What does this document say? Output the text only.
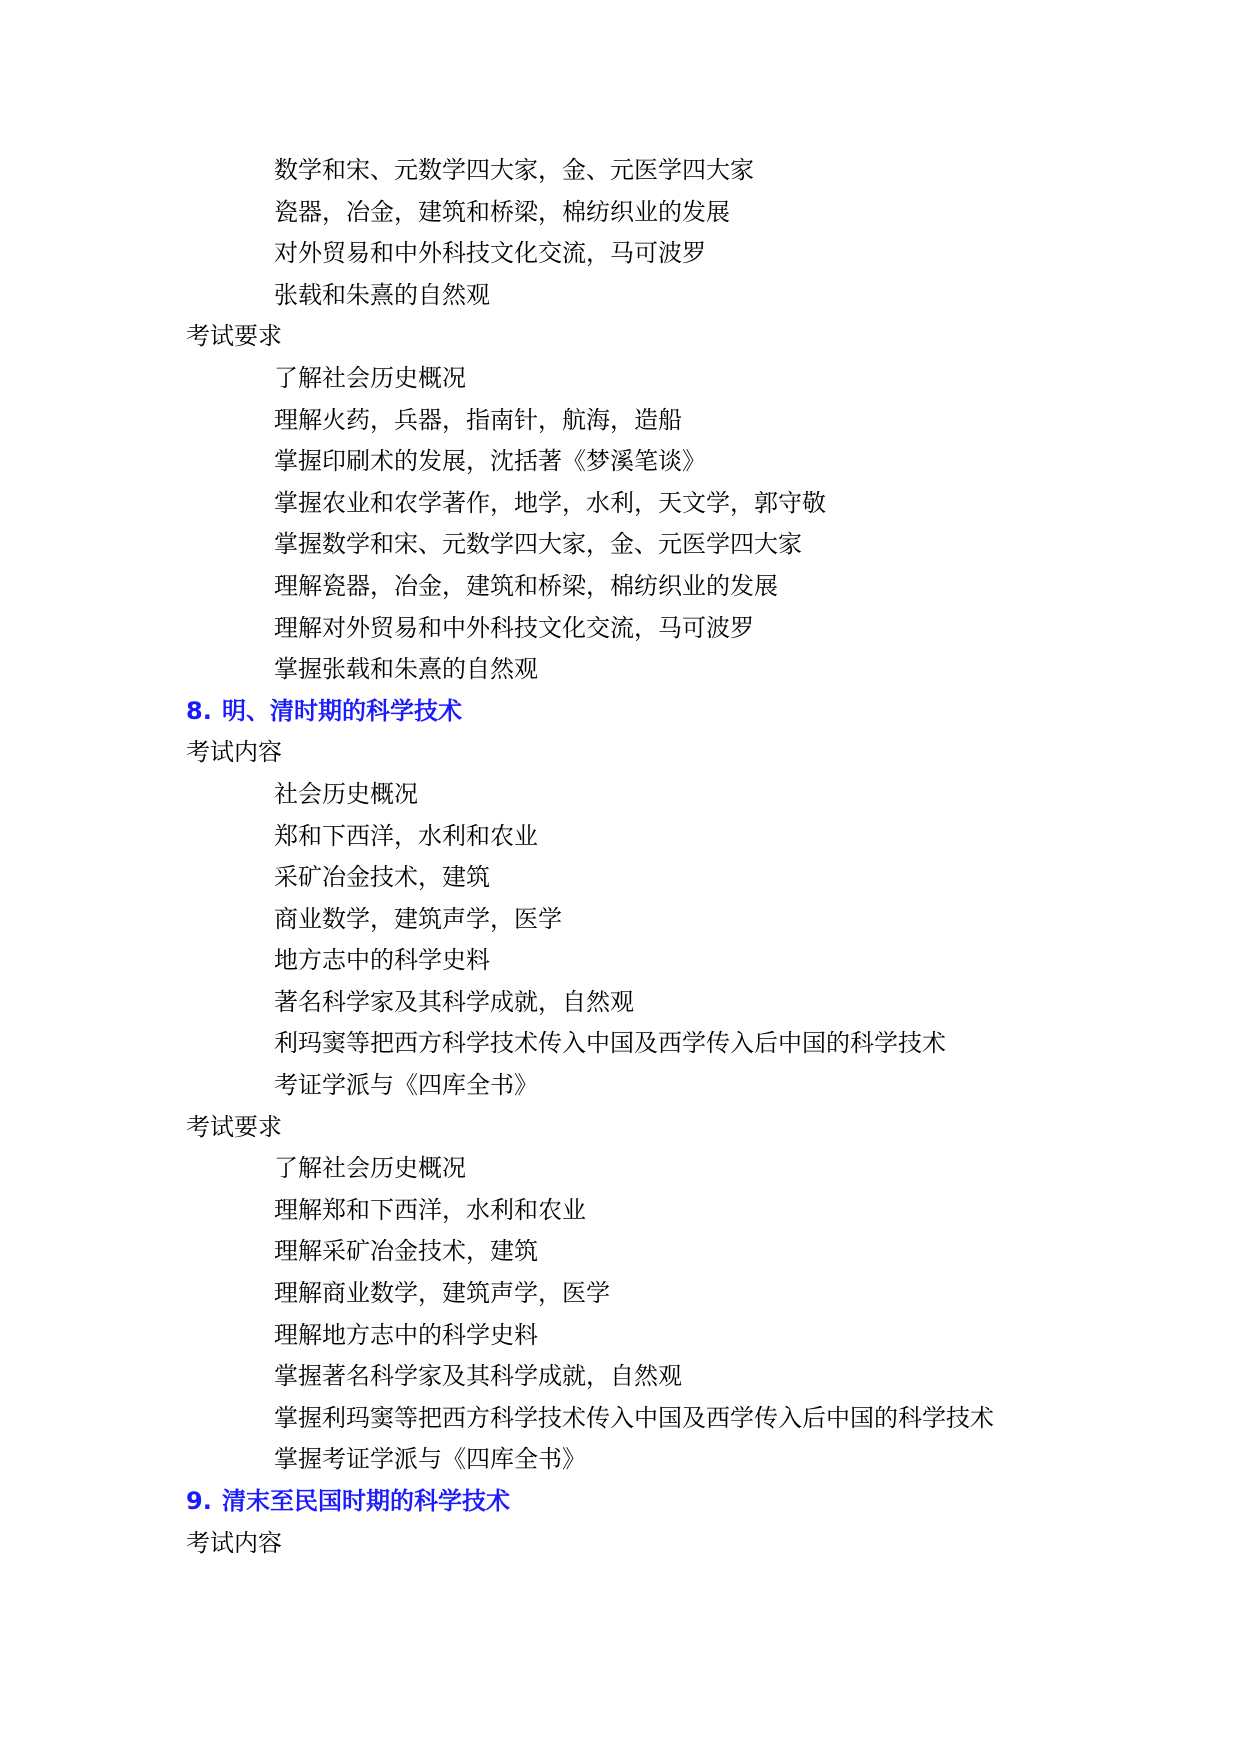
数学和宋、元数学四大家，金、元医学四大家
瓷器，冶金，建筑和桥梁，棉纺织业的发展
对外贸易和中外科技文化交流，马可波罗
张载和朱熹的自然观
考试要求
了解社会历史概况
理解火药，兵器，指南针，航海，造船
掌握印刷术的发展，沈括著《梦溪笔谈》
掌握农业和农学著作，地学，水利，天文学，郭守敬
掌握数学和宋、元数学四大家，金、元医学四大家
理解瓷器，冶金，建筑和桥梁，棉纺织业的发展
理解对外贸易和中外科技文化交流，马可波罗
掌握张载和朱熹的自然观
8. 明、清时期的科学技术
考试内容
社会历史概况
郑和下西洋，水利和农业
采矿冶金技术，建筑
商业数学，建筑声学，医学
地方志中的科学史料
著名科学家及其科学成就，自然观
利玛窦等把西方科学技术传入中国及西学传入后中国的科学技术
考证学派与《四库全书》
考试要求
了解社会历史概况
理解郑和下西洋，水利和农业
理解采矿冶金技术，建筑
理解商业数学，建筑声学，医学
理解地方志中的科学史料
掌握著名科学家及其科学成就，自然观
掌握利玛窦等把西方科学技术传入中国及西学传入后中国的科学技术
掌握考证学派与《四库全书》
9. 清末至民国时期的科学技术
考试内容
